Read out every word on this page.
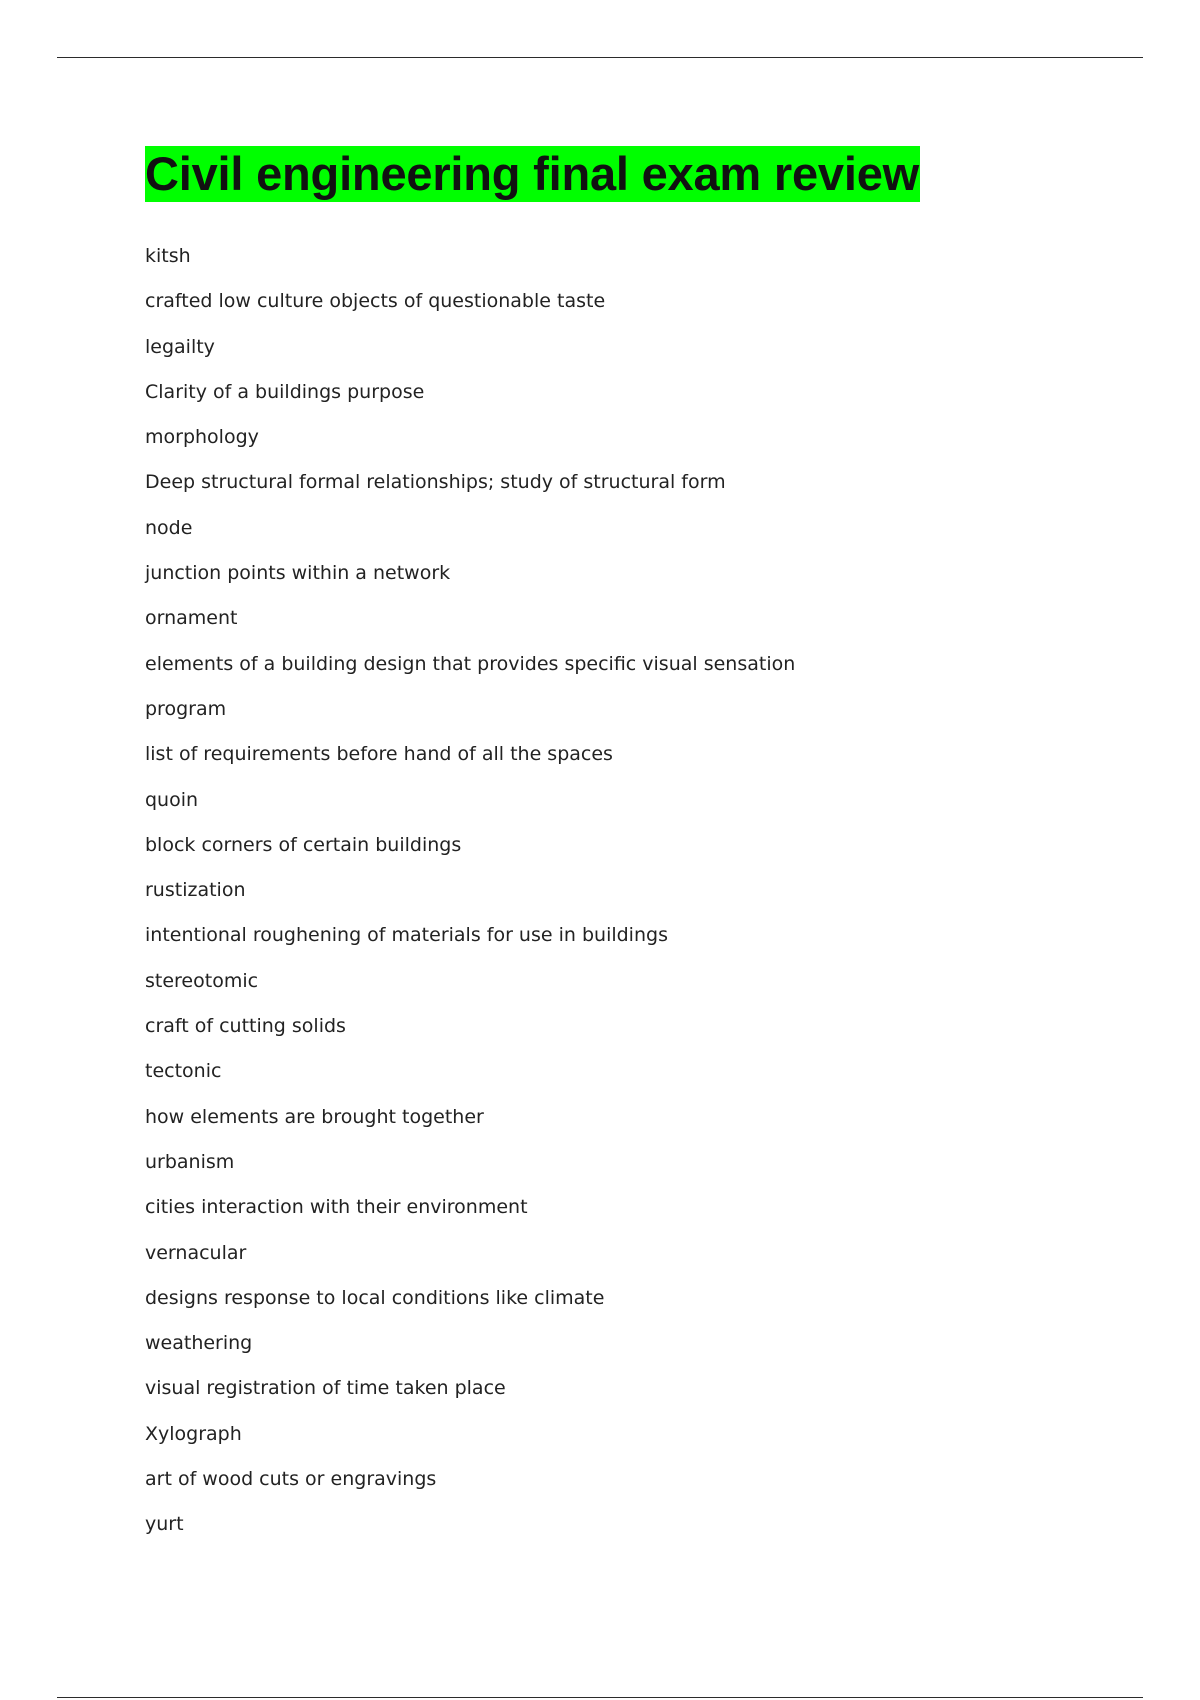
Civil engineering final exam review
kitsh
crafted low culture objects of questionable taste
legailty
Clarity of a buildings purpose
morphology
Deep structural formal relationships; study of structural form
node
junction points within a network
ornament
elements of a building design that provides specific visual sensation
program
list of requirements before hand of all the spaces
quoin
block corners of certain buildings
rustization
intentional roughening of materials for use in buildings
stereotomic
craft of cutting solids
tectonic
how elements are brought together
urbanism
cities interaction with their environment
vernacular
designs response to local conditions like climate
weathering
visual registration of time taken place
Xylograph
art of wood cuts or engravings
yurt
